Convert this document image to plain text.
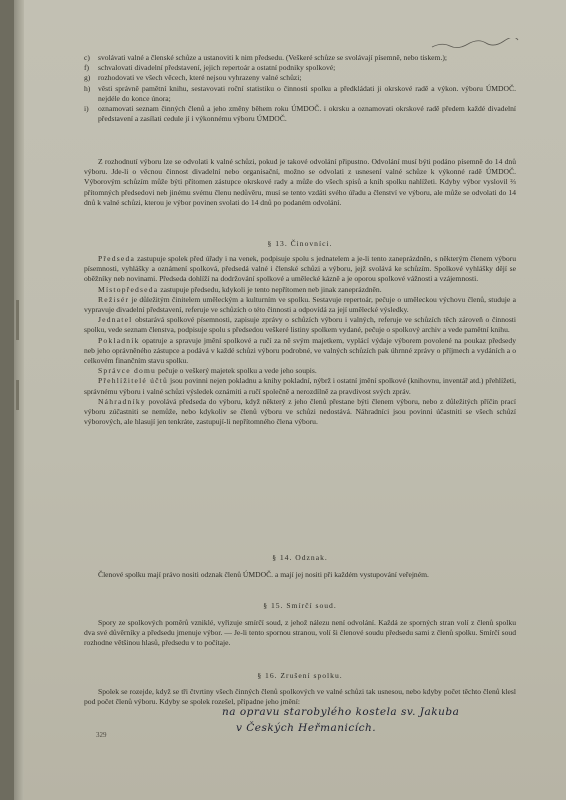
c)	svolávati valné a členské schůze a ustanoviti k nim předsedu. (Veškeré schůze se svolávají písemně, nebo tiskem.);
f)	schvalovati divadelní představení, jejich repertoár a ostatní podniky spolkové;
g)	rozhodovati ve všech věcech, které nejsou vyhrazeny valné schůzi;
h)	věsti správně pamětní knihu, sestavovati roční statistiku o činnosti spolku a předkládati ji okrskové radě a výkon. výboru ÚMDOČ. nejdéle do konce února;
i)	oznamovati seznam činných členů a jeho změny během roku ÚMDOČ. i okrsku a oznamovati okrskové radě předem každé divadelní představení a zasílati cedule jí i výkonnému výboru ÚMDOČ.

Z rozhodnutí výboru lze se odvolati k valné schůzi, pokud je takové odvolání připustno. Odvolání musí býti podáno písemně do 14 dnů výboru. Jde-li o věcnou činnost divadelní nebo organisační, možno se odvolati z usnesení valné schůze k výkonné radě ÚMDOČ. Výborovým schůzím může býti přítomen zástupce okrskové rady a může do všech spisů a knih spolku nahlížeti. Kdyby výbor vyslovil ⅔ přítomných předsedovi neb jinému svému členu nedůvěru, musí se tento vzdáti svého úřadu a členství ve výboru, ale může se odvolati do 14 dnů k valné schůzi, kterou je výbor povinen svolati do 14 dnů po podaném odvolání.

§ 13. Činovníci.

Předseda zastupuje spolek před úřady i na venek, podpisuje spolu s jednatelem a je-li tento zaneprázdněn, s některým členem výboru písemnosti, vyhlášky a oznámení spolková, předsedá valné i členské schůzi a výboru, jejž svolává ke schůzím. Spolkové vyhlášky dějí se oběžníky neb novinami. Předseda dohlíží na dodržování spolkové a umělecké kázně a je oporou spolkové vážnosti a vzájemnosti.

Místopředseda zastupuje předsedu, kdykoli je tento nepřítomen neb jinak zaneprázdněn.

Režisér je důležitým činitelem uměleckým a kulturním ve spolku. Sestavuje repertoár, pečuje o uměleckou výchovu členů, studuje a vypravuje divadelní představení, referuje ve schůzích o této činnosti a odpovídá za její umělecké výsledky.

Jednatel obstarává spolkové písemnosti, zapisuje zprávy o schůzích výboru i valných, referuje ve schůzích těch zároveň o činnosti spolku, vede seznam členstva, podpisuje spolu s předsedou veškeré listiny spolkem vydané, pečuje o spolkový archiv a vede pamětní knihu.

Pokladník opatruje a spravuje jmění spolkové a ručí za ně svým majetkem, vyplácí výdaje výborem povolené na poukaz předsedy neb jeho oprávněného zástupce a podává v každé schůzi výboru podrobné, ve valných schůzích pak úhrnné zprávy o příjmech a vydáních a o celkovém finančním stavu spolku.

Správce domu pečuje o veškerý majetek spolku a vede jeho soupis.

Přehlížitelé účtů jsou povinni nejen pokladnu a knihy pokladní, nýbrž i ostatní jmění spolkové (knihovnu, inventář atd.) přehlížeti, správnému výboru i valné schůzi výsledek oznámiti a ručí společně a nerozdílně za pravdivost svých zpráv.

Náhradníky povolává předseda do výboru, když některý z jeho členů přestane býti členem výboru, nebo z důležitých příčin prací výboru zúčastniti se nemůže, nebo kdykoliv se členů výboru ve schůzi nedostává. Náhradníci jsou povinni účastniti se všech schůzí výborových, ale hlasují jen tenkráte, zastupují-li nepřítomného člena výboru.

§ 14. Odznak.

Členové spolku mají právo nositi odznak členů ÚMDOČ. a mají jej nositi při každém vystupování veřejném.

§ 15. Smírčí soud.

Spory ze spolkových poměrů vzniklé, vyřizuje smírčí soud, z jehož nálezu není odvolání. Každá ze sporných stran volí z členů spolku dva své důvěrníky a předsedu jmenuje výbor. — Je-li tento spornou stranou, volí ši členové soudu předsedu sami z členů spolku. Smírčí soud rozhodne většinou hlasů, předsedu v to počítaje.

§ 16. Zrušení spolku.

Spolek se rozejde, když se tři čtvrtiny všech činných členů spolkových ve valné schůzi tak usnesou, nebo kdyby počet těchto členů klesl pod počet členů výboru. Kdyby se spolek rozešel, připadne jeho jmění:

na opravu starobylého kostela sv. Jakuba
v Českých Heřmanicích.
329
